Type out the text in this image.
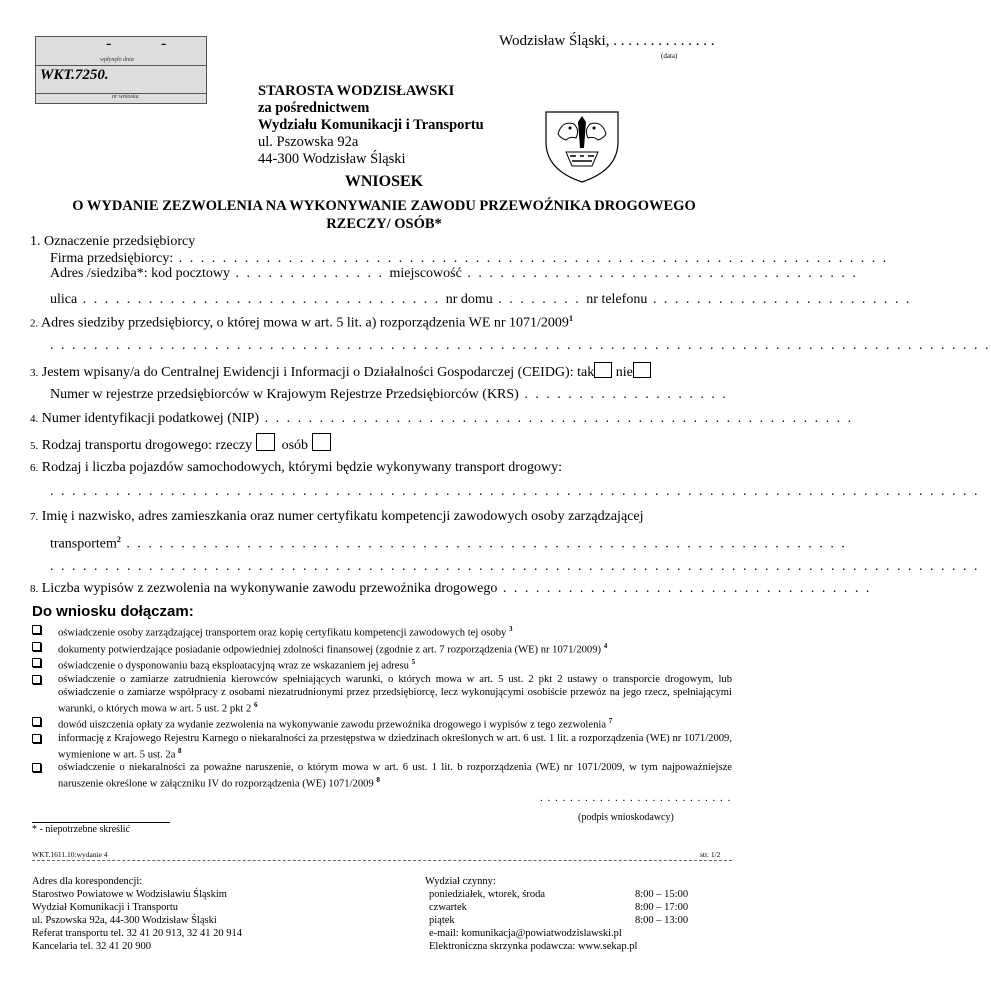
-	-
wpłynęło dnia
WKT.7250.
nr wniosku
Wodzisław Śląski, . . . . . . . . . . . . . .
(data)
STAROSTA WODZISŁAWSKI
za pośrednictwem
Wydziału Komunikacji i Transportu
ul. Pszowska 92a
44-300 Wodzisław Śląski
WNIOSEK
O WYDANIE ZEZWOLENIA NA WYKONYWANIE ZAWODU PRZEWOŹNIKA DROGOWEGO
RZECZY/ OSÓB*
1. Oznaczenie przedsiębiorcy
Firma przedsiębiorcy: . . . . . . . . . . . . . . . . . . . . . . . . . . . . . . . . . . . . . . . . . . . . . . . . . . . . . . . . . . . . . . . . .
Adres /siedziba*: kod pocztowy . . . . . . . . . . . . . . miejscowość . . . . . . . . . . . . . . . . . . . . . . . . . . . . . . . . . . . .
ulica . . . . . . . . . . . . . . . . . . . . . . . . . . . . . . . . . nr domu . . . . . . . . nr telefonu . . . . . . . . . . . . . . . . . . . . . . . .
2. Adres siedziby przedsiębiorcy, o której mowa w art. 5 lit. a) rozporządzenia WE nr 1071/2009$^1$
. . . . . . . . . . . . . . . . . . . . . . . . . . . . . . . . . . . . . . . . . . . . . . . . . . . . . . . . . . . . . . . . . . . . . . . . . . . . . . . . . . . . . .
3. Jestem wpisany/a do Centralnej Ewidencji i Informacji o Działalności Gospodarczej (CEIDG): tak nie
Numer w rejestrze przedsiębiorców w Krajowym Rejestrze Przedsiębiorców (KRS) . . . . . . . . . . . . . . . . . . .
4. Numer identyfikacji podatkowej (NIP) . . . . . . . . . . . . . . . . . . . . . . . . . . . . . . . . . . . . . . . . . . . . . . . . . . . . . .
5. Rodzaj transportu drogowego: rzeczy osób
6. Rodzaj i liczba pojazdów samochodowych, którymi będzie wykonywany transport drogowy:
. . . . . . . . . . . . . . . . . . . . . . . . . . . . . . . . . . . . . . . . . . . . . . . . . . . . . . . . . . . . . . . . . . . . . . . . . . . . . . . . . . . . .
7. Imię i nazwisko, adres zamieszkania oraz numer certyfikatu kompetencji zawodowych osoby zarządzającej
transportem$^2$ . . . . . . . . . . . . . . . . . . . . . . . . . . . . . . . . . . . . . . . . . . . . . . . . . . . . . . . . . . . . . . . . . .
. . . . . . . . . . . . . . . . . . . . . . . . . . . . . . . . . . . . . . . . . . . . . . . . . . . . . . . . . . . . . . . . . . . . . . . . . . . . . . . . . . . . .
8. Liczba wypisów z zezwolenia na wykonywanie zawodu przewoźnika drogowego . . . . . . . . . . . . . . . . . . . . . . . . . . . . . . . . . .
Do wniosku dołączam:
oświadczenie osoby zarządzającej transportem oraz kopię certyfikatu kompetencji zawodowych tej osoby $^3$
dokumenty potwierdzające posiadanie odpowiedniej zdolności finansowej (zgodnie z art. 7 rozporządzenia (WE) nr 1071/2009) $^4$
oświadczenie o dysponowaniu bazą eksploatacyjną wraz ze wskazaniem jej adresu $^5$
oświadczenie o zamiarze zatrudnienia kierowców spełniających warunki, o których mowa w art. 5 ust. 2 pkt 2 ustawy o transporcie drogowym, lub oświadczenie o zamiarze współpracy z osobami niezatrudnionymi przez przedsiębiorcę, lecz wykonującymi osobiście przewóz na jego rzecz, spełniającymi warunki, o których mowa w art. 5 ust. 2 pkt 2 $^6$
dowód uiszczenia opłaty za wydanie zezwolenia na wykonywanie zawodu przewoźnika drogowego i wypisów z tego zezwolenia $^7$
informację z Krajowego Rejestru Karnego o niekaralności za przestępstwa w dziedzinach określonych w art. 6 ust. 1 lit. a rozporządzenia (WE) nr 1071/2009, wymienione w art. 5 ust. 2a $^8$
oświadczenie o niekaralności za poważne naruszenie, o którym mowa w art. 6 ust. 1 lit. b rozporządzenia (WE) nr 1071/2009, w tym najpoważniejsze naruszenie określone w załączniku IV do rozporządzenia (WE) 1071/2009 $^8$
. . . . . . . . . . . . . . . . . . . . . . . . . .
(podpis wnioskodawcy)
* - niepotrzebne skreślić
WKT.1611.10:wydanie 4	str. 1/2
Adres dla korespondencji:
Starostwo Powiatowe w Wodzisławiu Śląskim
Wydział Komunikacji i Transportu
ul. Pszowska 92a, 44-300 Wodzisław Śląski
Referat transportu tel. 32 41 20 913, 32 41 20 914
Kancelaria tel. 32 41 20 900
Wydział czynny:
poniedziałek, wtorek, środa	8:00 – 15:00
czwartek	8:00 – 17:00
piątek	8:00 – 13:00
e-mail: komunikacja@powiatwodzislawski.pl
Elektroniczna skrzynka podawcza: www.sekap.pl
